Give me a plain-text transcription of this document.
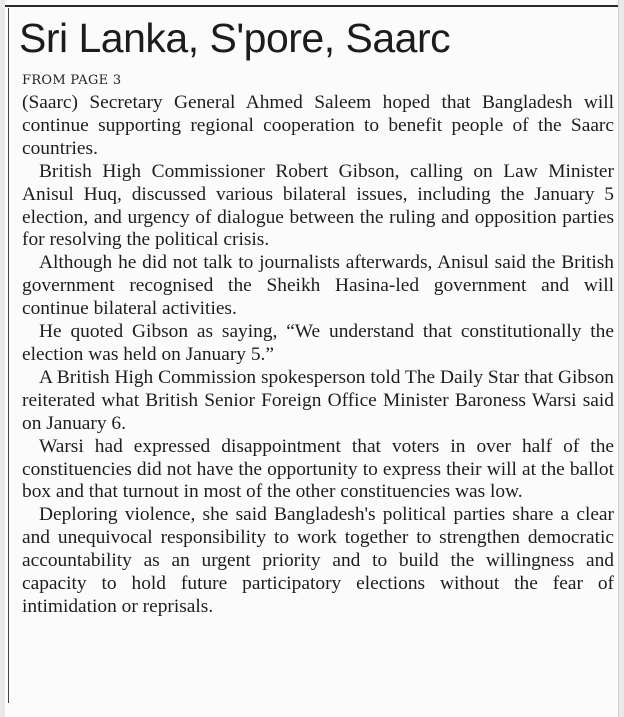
Sri Lanka, S'pore, Saarc
FROM PAGE 3

(Saarc) Secretary General Ahmed Saleem hoped that Bangladesh will continue supporting regional cooperation to benefit people of the Saarc countries.

British High Commissioner Robert Gibson, calling on Law Minister Anisul Huq, discussed various bilateral issues, including the January 5 election, and urgency of dialogue between the ruling and opposition parties for resolving the political crisis.

Although he did not talk to journalists afterwards, Anisul said the British government recognised the Sheikh Hasina-led government and will continue bilateral activities.

He quoted Gibson as saying, “We understand that constitutionally the election was held on January 5.”

A British High Commission spokesperson told The Daily Star that Gibson reiterated what British Senior Foreign Office Minister Baroness Warsi said on January 6.

Warsi had expressed disappointment that voters in over half of the constituencies did not have the opportunity to express their will at the ballot box and that turnout in most of the other constituencies was low.

Deploring violence, she said Bangladesh's political parties share a clear and unequivocal responsibility to work together to strengthen democratic accountability as an urgent priority and to build the willingness and capacity to hold future participatory elections without the fear of intimidation or reprisals.
